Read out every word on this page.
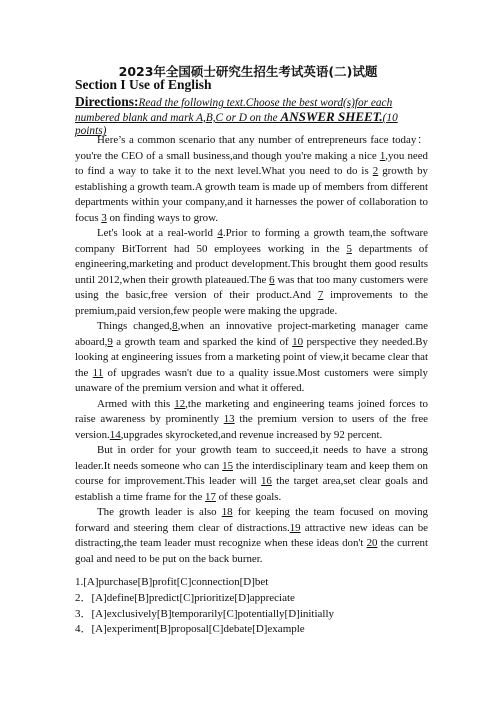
2023年全国硕士研究生招生考试英语(二)试题
Section I Use of English
Directions:Read the following text.Choose the best word(s)for each numbered blank and mark A,B,C or D on the ANSWER SHEET.(10 points)

Here’s a common scenario that any number of entrepreneurs face today：you're the CEO of a small business,and though you're making a nice 1,you need to find a way to take it to the next level.What you need to do is 2 growth by establishing a growth team.A growth team is made up of members from different departments within your company,and it harnesses the power of collaboration to focus 3 on finding ways to grow.

Let's look at a real-world 4.Prior to forming a growth team,the software company BitTorrent had 50 employees working in the 5 departments of engineering,marketing and product development.This brought them good results until 2012,when their growth plateaued.The 6 was that too many customers were using the basic,free version of their product.And 7 improvements to the premium,paid version,few people were making the upgrade.

Things changed,8,when an innovative project-marketing manager came aboard,9 a growth team and sparked the kind of 10 perspective they needed.By looking at engineering issues from a marketing point of view,it became clear that the 11 of upgrades wasn't due to a quality issue.Most customers were simply unaware of the premium version and what it offered.

Armed with this 12,the marketing and engineering teams joined forces to raise awareness by prominently 13 the premium version to users of the free version.14,upgrades skyrocketed,and revenue increased by 92 percent.

But in order for your growth team to succeed,it needs to have a strong leader.It needs someone who can 15 the interdisciplinary team and keep them on course for improvement.This leader will 16 the target area,set clear goals and establish a time frame for the 17 of these goals.

The growth leader is also 18 for keeping the team focused on moving forward and steering them clear of distractions.19 attractive new ideas can be distracting,the team leader must recognize when these ideas don't 20 the current goal and need to be put on the back burner.

1.[A]purchase[B]profit[C]connection[D]bet
2．[A]define[B]predict[C]prioritize[D]appreciate
3．[A]exclusively[B]temporarily[C]potentially[D]initially
4．[A]experiment[B]proposal[C]debate[D]example
